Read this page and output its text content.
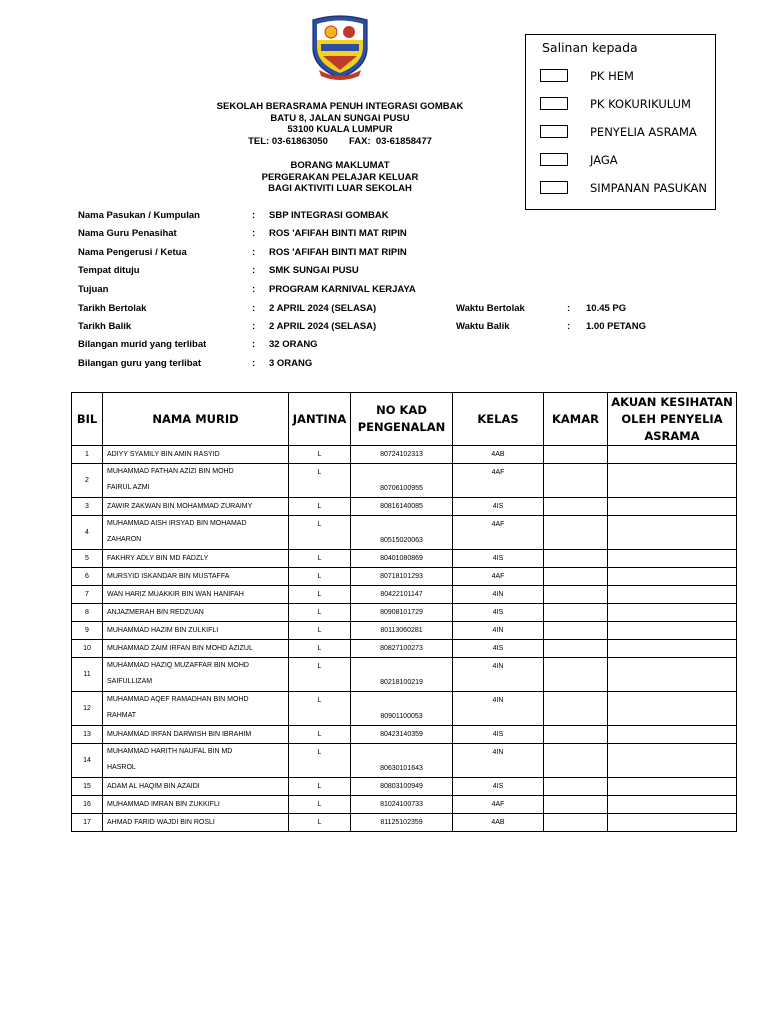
Salinan kepada
PK HEM
PK KOKURIKULUM
PENYELIA ASRAMA
JAGA
SIMPANAN PASUKAN
SEKOLAH BERASRAMA PENUH INTEGRASI GOMBAK
BATU 8, JALAN SUNGAI PUSU
53100 KUALA LUMPUR
TEL: 03-61863050        FAX:  03-61858477
BORANG MAKLUMAT
PERGERAKAN PELAJAR KELUAR
BAGI AKTIVITI LUAR SEKOLAH
Nama Pasukan / Kumpulan	: SBP INTEGRASI GOMBAK
Nama Guru Penasihat	: ROS 'AFIFAH BINTI MAT RIPIN
Nama Pengerusi / Ketua	: ROS 'AFIFAH BINTI MAT RIPIN
Tempat dituju	: SMK SUNGAI PUSU
Tujuan	: PROGRAM KARNIVAL KERJAYA
Tarikh Bertolak	: 2 APRIL 2024 (SELASA)	Waktu Bertolak	: 10.45 PG
Tarikh Balik	: 2 APRIL 2024 (SELASA)	Waktu Balik	: 1.00 PETANG
Bilangan murid yang terlibat	: 32 ORANG
Bilangan guru yang terlibat	: 3 ORANG
BIL	NAMA MURID	JANTINA	NO KAD
PENGENALAN	KELAS	KAMAR	AKUAN KESIHATAN
OLEH PENYELIA
ASRAMA
1	ADIYY SYAMILY BIN AMIN RASYID	L	80724102313	4AB		
2	MUHAMMAD FATHAN AZIZI BIN MOHD
FAIRUL AZMI	L	80706100955	4AF		
3	ZAWIR ZAKWAN BIN MOHAMMAD ZURAIMY	L	80816140085	4IS		
4	MUHAMMAD AISH IRSYAD BIN MOHAMAD
ZAHARON	L	80515020063	4AF		
5	FAKHRY ADLY BIN MD FADZLY	L	80401080869	4IS		
6	MURSYID ISKANDAR BIN MUSTAFFA	L	80718101293	4AF		
7	WAN HARIZ MUAKKIR BIN WAN HANIFAH	L	80422101147	4IN		
8	ANJAZMERAH BIN REDZUAN	L	80908101729	4IS		
9	MUHAMMAD HAZIM BIN ZULKIFLI	L	80113060281	4IN		
10	MUHAMMAD ZAIM IRFAN BIN MOHD AZIZUL	L	80827100273	4IS		
11	MUHAMMAD HAZIQ MUZAFFAR BIN MOHD
SAIFULLIZAM	L	80218100219	4IN		
12	MUHAMMAD AQEF RAMADHAN BIN MOHD
RAHMAT	L	80901100053	4IN		
13	MUHAMMAD IRFAN DARWISH BIN IBRAHIM	L	80423140359	4IS		
14	MUHAMMAD HARITH NAUFAL BIN MD
HASROL	L	80630101643	4IN		
15	ADAM AL HAQIM BIN AZAIDI	L	80803100949	4IS		
16	MUHAMMAD IMRAN BIN ZUKKIFLI	L	81024100733	4AF		
17	AHMAD FARID WAJDI BIN ROSLI	L	81125102359	4AB		
